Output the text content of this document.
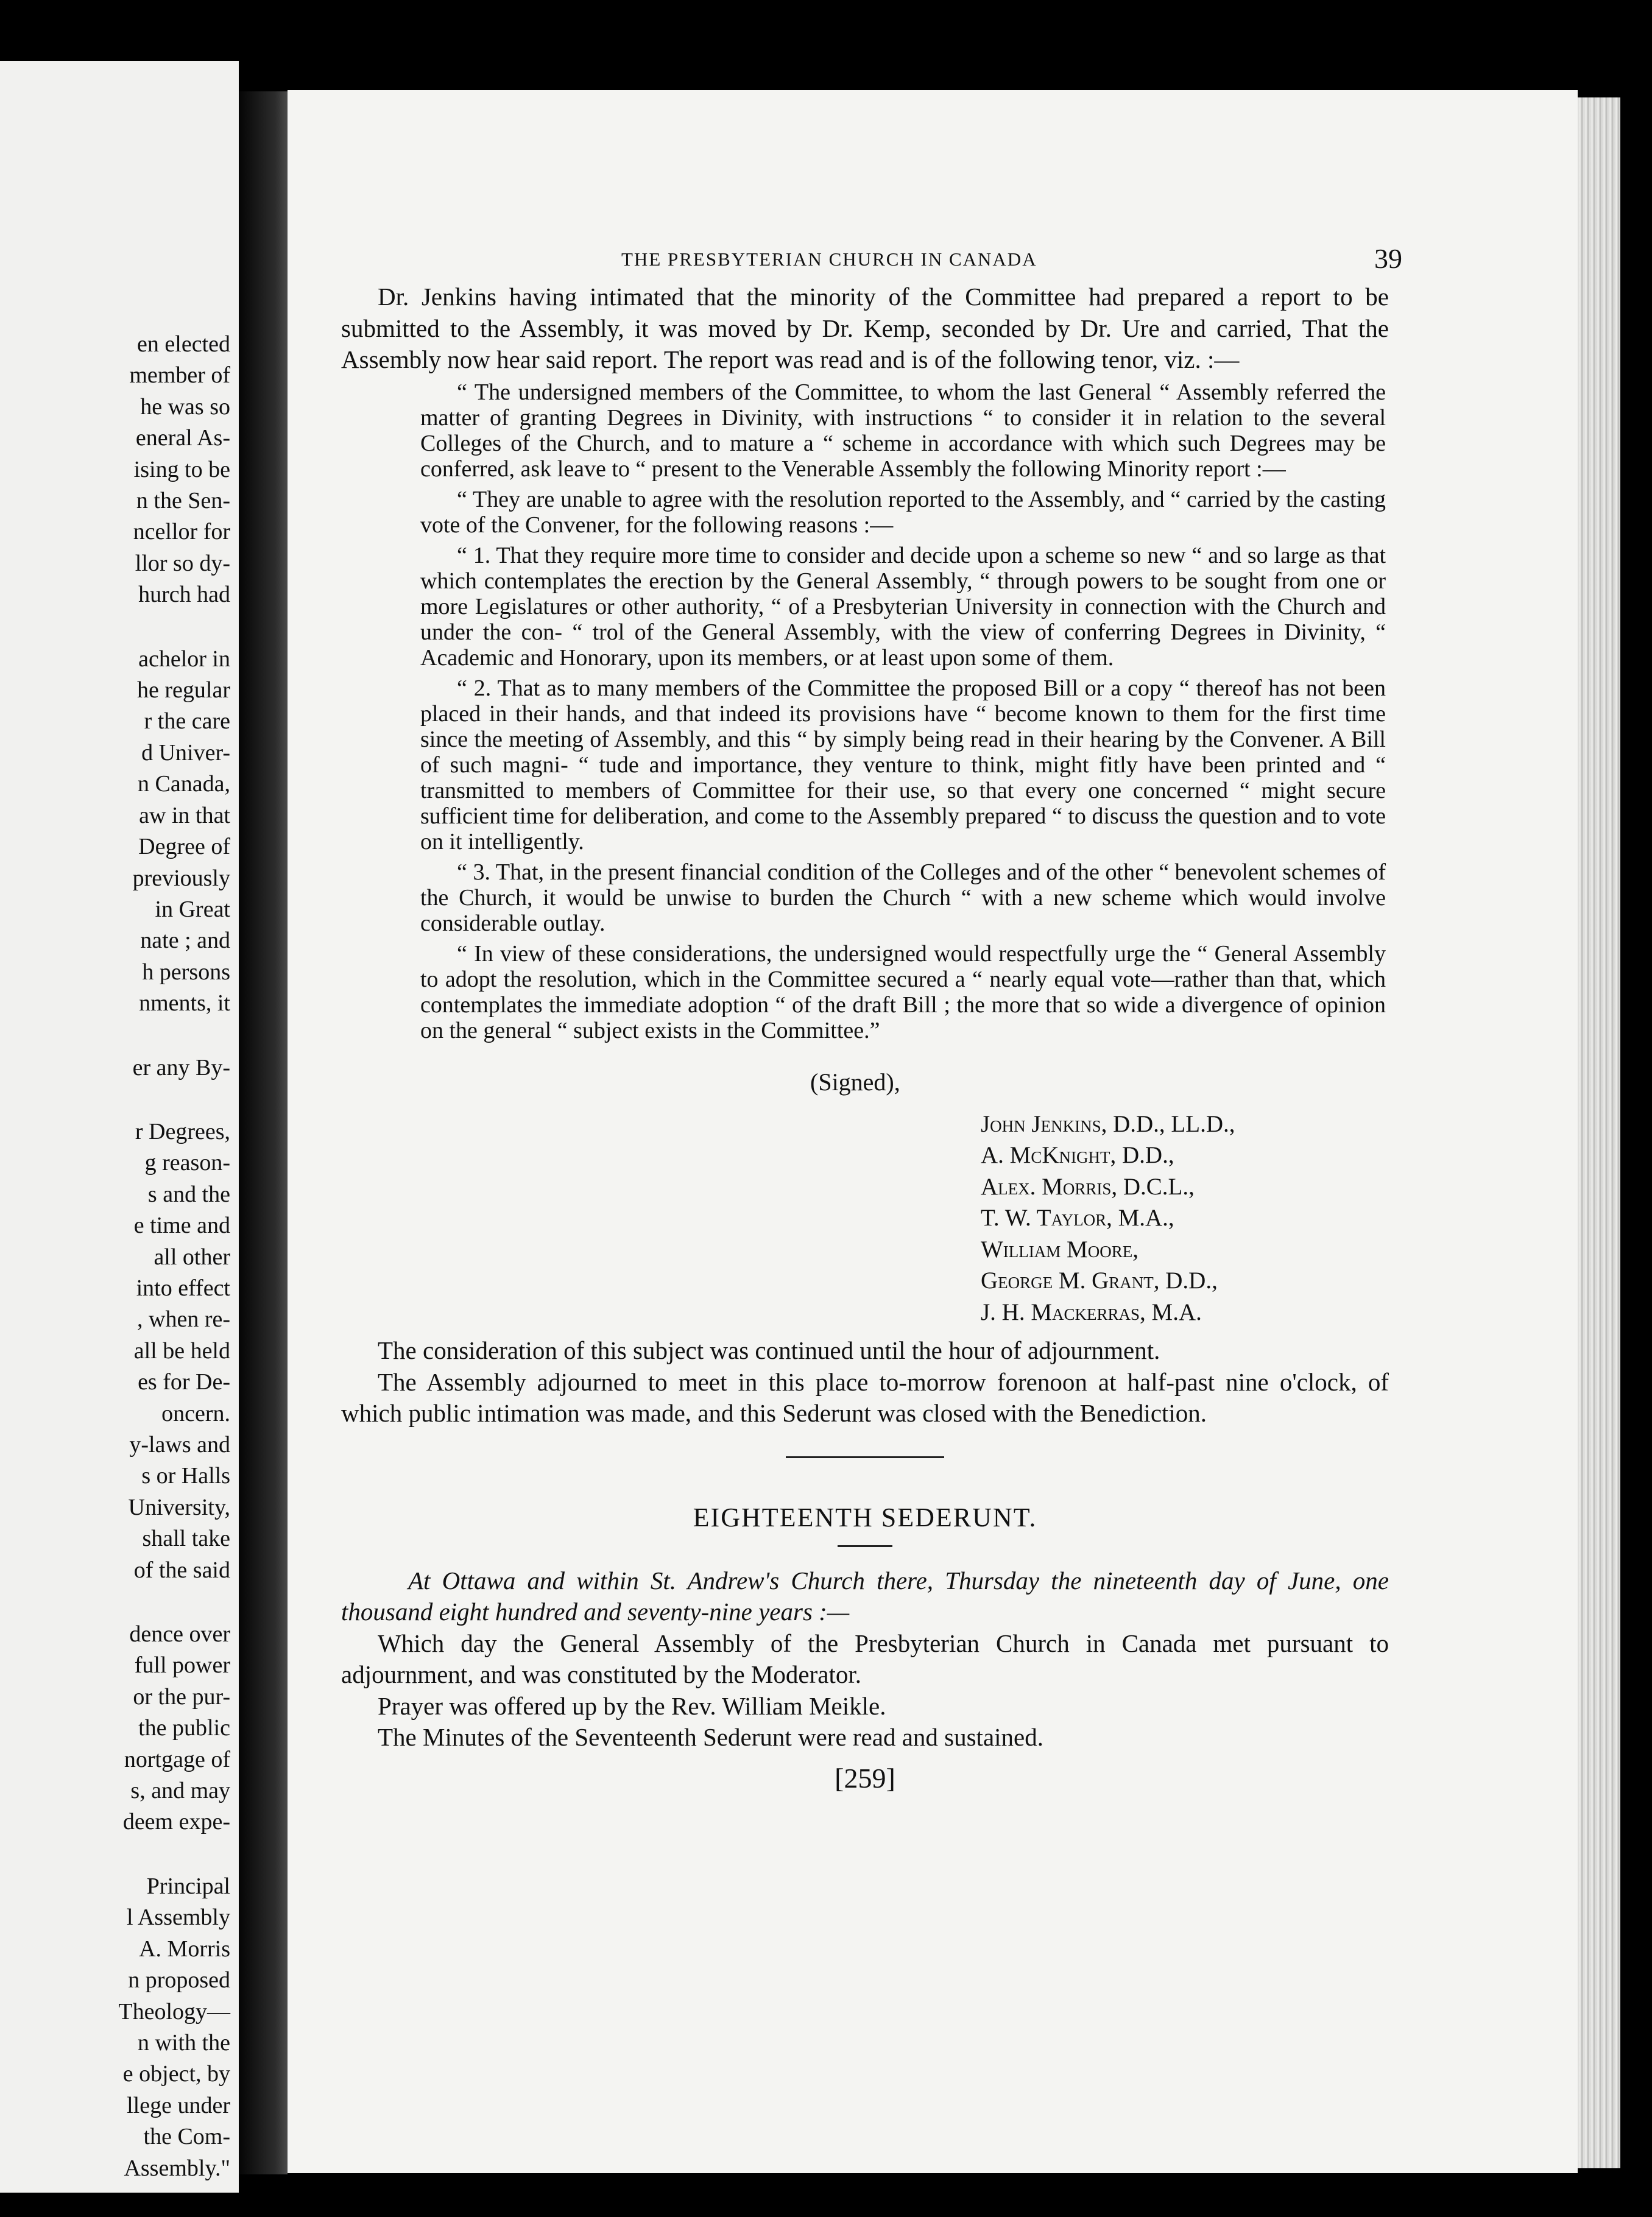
en elected
member of
he was so
eneral As-
ising to be
n the Sen-
ncellor for
llor so dy-
hurch had
achelor in
he regular
r the care
d Univer-
n Canada,
aw in that
Degree of
previously
in Great
nate ; and
h persons
nments, it
er any By-
r Degrees,
g reason-
s and the
e time and
all other
into effect
, when re-
all be held
es for De-
oncern.
y-laws and
s or Halls
University,
shall take
of the said
dence over
full power
or the pur-
the public
nortgage of
s, and may
deem expe-
Principal
l Assembly
A. Morris
n proposed
Theology—
n with the
e object, by
llege under
the Com-
Assembly."
THE PRESBYTERIAN CHURCH IN CANADA	39

Dr. Jenkins having intimated that the minority of the Committee had prepared a report to be submitted to the Assembly, it was moved by Dr. Kemp, seconded by Dr. Ure and carried, That the Assembly now hear said report. The report was read and is of the following tenor, viz. :—

“ The undersigned members of the Committee, to whom the last General “ Assembly referred the matter of granting Degrees in Divinity, with instructions “ to consider it in relation to the several Colleges of the Church, and to mature a “ scheme in accordance with which such Degrees may be conferred, ask leave to “ present to the Venerable Assembly the following Minority report :—

“ They are unable to agree with the resolution reported to the Assembly, and “ carried by the casting vote of the Convener, for the following reasons :—

“ 1. That they require more time to consider and decide upon a scheme so new “ and so large as that which contemplates the erection by the General Assembly, “ through powers to be sought from one or more Legislatures or other authority, “ of a Presbyterian University in connection with the Church and under the con- “ trol of the General Assembly, with the view of conferring Degrees in Divinity, “ Academic and Honorary, upon its members, or at least upon some of them.

“ 2. That as to many members of the Committee the proposed Bill or a copy “ thereof has not been placed in their hands, and that indeed its provisions have “ become known to them for the first time since the meeting of Assembly, and this “ by simply being read in their hearing by the Convener. A Bill of such magni- “ tude and importance, they venture to think, might fitly have been printed and “ transmitted to members of Committee for their use, so that every one concerned “ might secure sufficient time for deliberation, and come to the Assembly prepared “ to discuss the question and to vote on it intelligently.

“ 3. That, in the present financial condition of the Colleges and of the other “ benevolent schemes of the Church, it would be unwise to burden the Church “ with a new scheme which would involve considerable outlay.

“ In view of these considerations, the undersigned would respectfully urge the “ General Assembly to adopt the resolution, which in the Committee secured a “ nearly equal vote—rather than that, which contemplates the immediate adoption “ of the draft Bill ; the more that so wide a divergence of opinion on the general “ subject exists in the Committee.”

(Signed),
John Jenkins, D.D., LL.D.,
A. McKnight, D.D.,
Alex. Morris, D.C.L.,
T. W. Taylor, M.A.,
William Moore,
George M. Grant, D.D.,
J. H. Mackerras, M.A.

The consideration of this subject was continued until the hour of adjournment.

The Assembly adjourned to meet in this place to-morrow forenoon at half-past nine o'clock, of which public intimation was made, and this Sederunt was closed with the Benediction.

EIGHTEENTH SEDERUNT.

At Ottawa and within St. Andrew's Church there, Thursday the nineteenth day of June, one thousand eight hundred and seventy-nine years :—

Which day the General Assembly of the Presbyterian Church in Canada met pursuant to adjournment, and was constituted by the Moderator.

Prayer was offered up by the Rev. William Meikle.

The Minutes of the Seventeenth Sederunt were read and sustained.

[259]
